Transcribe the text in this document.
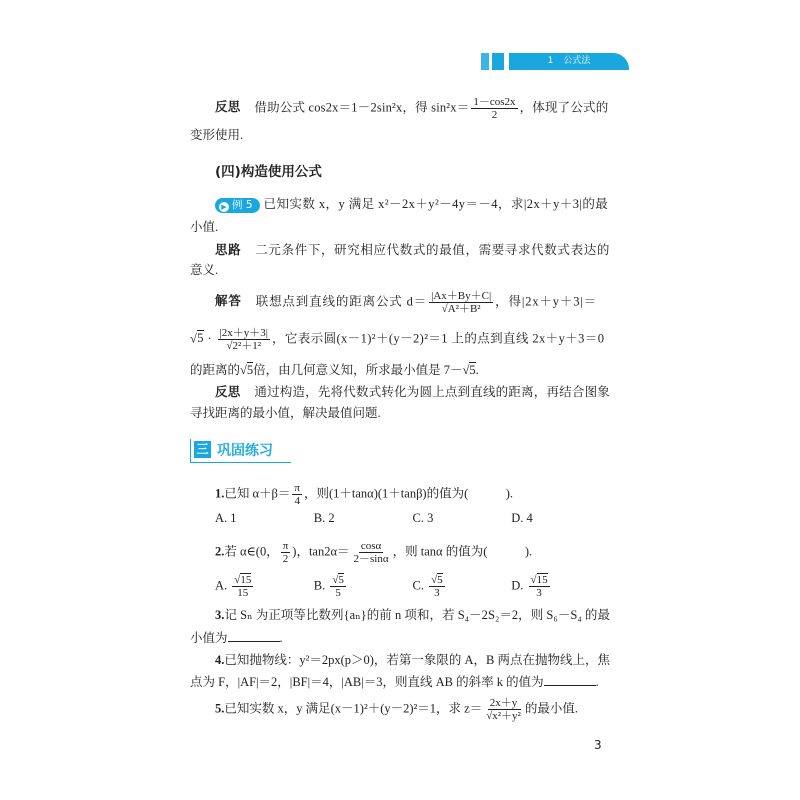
1 公式法
(四)构造使用公式
三 巩固练习
反思 借助公式 cos2x＝1－2sin²x，得 $\sin^2x= \frac{1-\cos 2x}{2}$ ，体现了公式的
变形使用.
▶ 例 5 已知实数 x，y 满足 x²－2x＋y²－4y＝－4，求|2x＋y＋3|的最
小值.
思路 二元条件下，研究相应代数式的最值，需要寻求代数式表达的
意义.
解答 联想点到直线的距离公式 $d= \frac{|Ax+By+C|}{\text{√A²＋B²}}$ ，得|2x＋y＋3|＝
$√5 \cdot \frac{|2x+y+3|}{\text{√2²＋1²}}$ ，它表示圆(x－1)²＋(y－2)²＝1 上的点到直线 2x＋y＋3＝0
的距离的√5倍，由几何意义知，所求最小值是 7－√5.
反思 通过构造，先将代数式转化为圆上点到直线的距离，再结合图象
寻找距离的最小值，解决最值问题.
1.已知 $\alpha+\beta= \frac{\pi}{4}$ ，则(1＋tanα)(1＋tanβ)的值为(　　　).
A. 1	B. 2	C. 3	D. 4
2.若 α∈(0， $\frac{\pi}{2}$ )，$\tan 2\alpha= \frac{\cos\alpha}{2-\sin\alpha}$ ，则 tanα 的值为(　　　).
A. $\frac{√15}{15}$	B. $\frac{√5}{5}$	C. $\frac{√5}{3}$	D. $\frac{√15}{3}$
3.记 Sₙ 为正项等比数列{aₙ}的前 n 项和，若 S₄－2S₂＝2，则 S₆－S₄ 的最
小值为	.
4.已知抛物线：y²＝2px(p＞0)，若第一象限的 A，B 两点在抛物线上，焦
点为 F，|AF|＝2，|BF|＝4，|AB|＝3，则直线 AB 的斜率 k 的值为	.
5.已知实数 x，y 满足(x－1)²＋(y－2)²＝1，求 $z= \frac{2x+y}{\text{√x²＋y²}}$ 的最小值.
3
